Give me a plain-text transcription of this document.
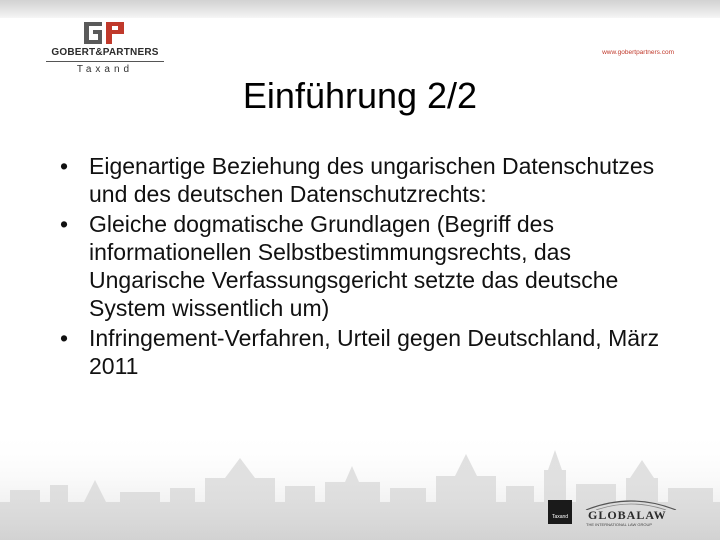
GOBERT&PARTNERS
Taxand
www.gobertpartners.com
Einführung 2/2
• Eigenartige Beziehung des ungarischen Datenschutzes und des deutschen Datenschutzrechts:
• Gleiche dogmatische Grundlagen (Begriff des informationellen Selbstbestimmungsrechts, das Ungarische Verfassungsgericht setzte das deutsche System wissentlich um)
• Infringement-Verfahren, Urteil gegen Deutschland, März 2011
Taxand	GLOBALAW
THE INTERNATIONAL LAW GROUP
